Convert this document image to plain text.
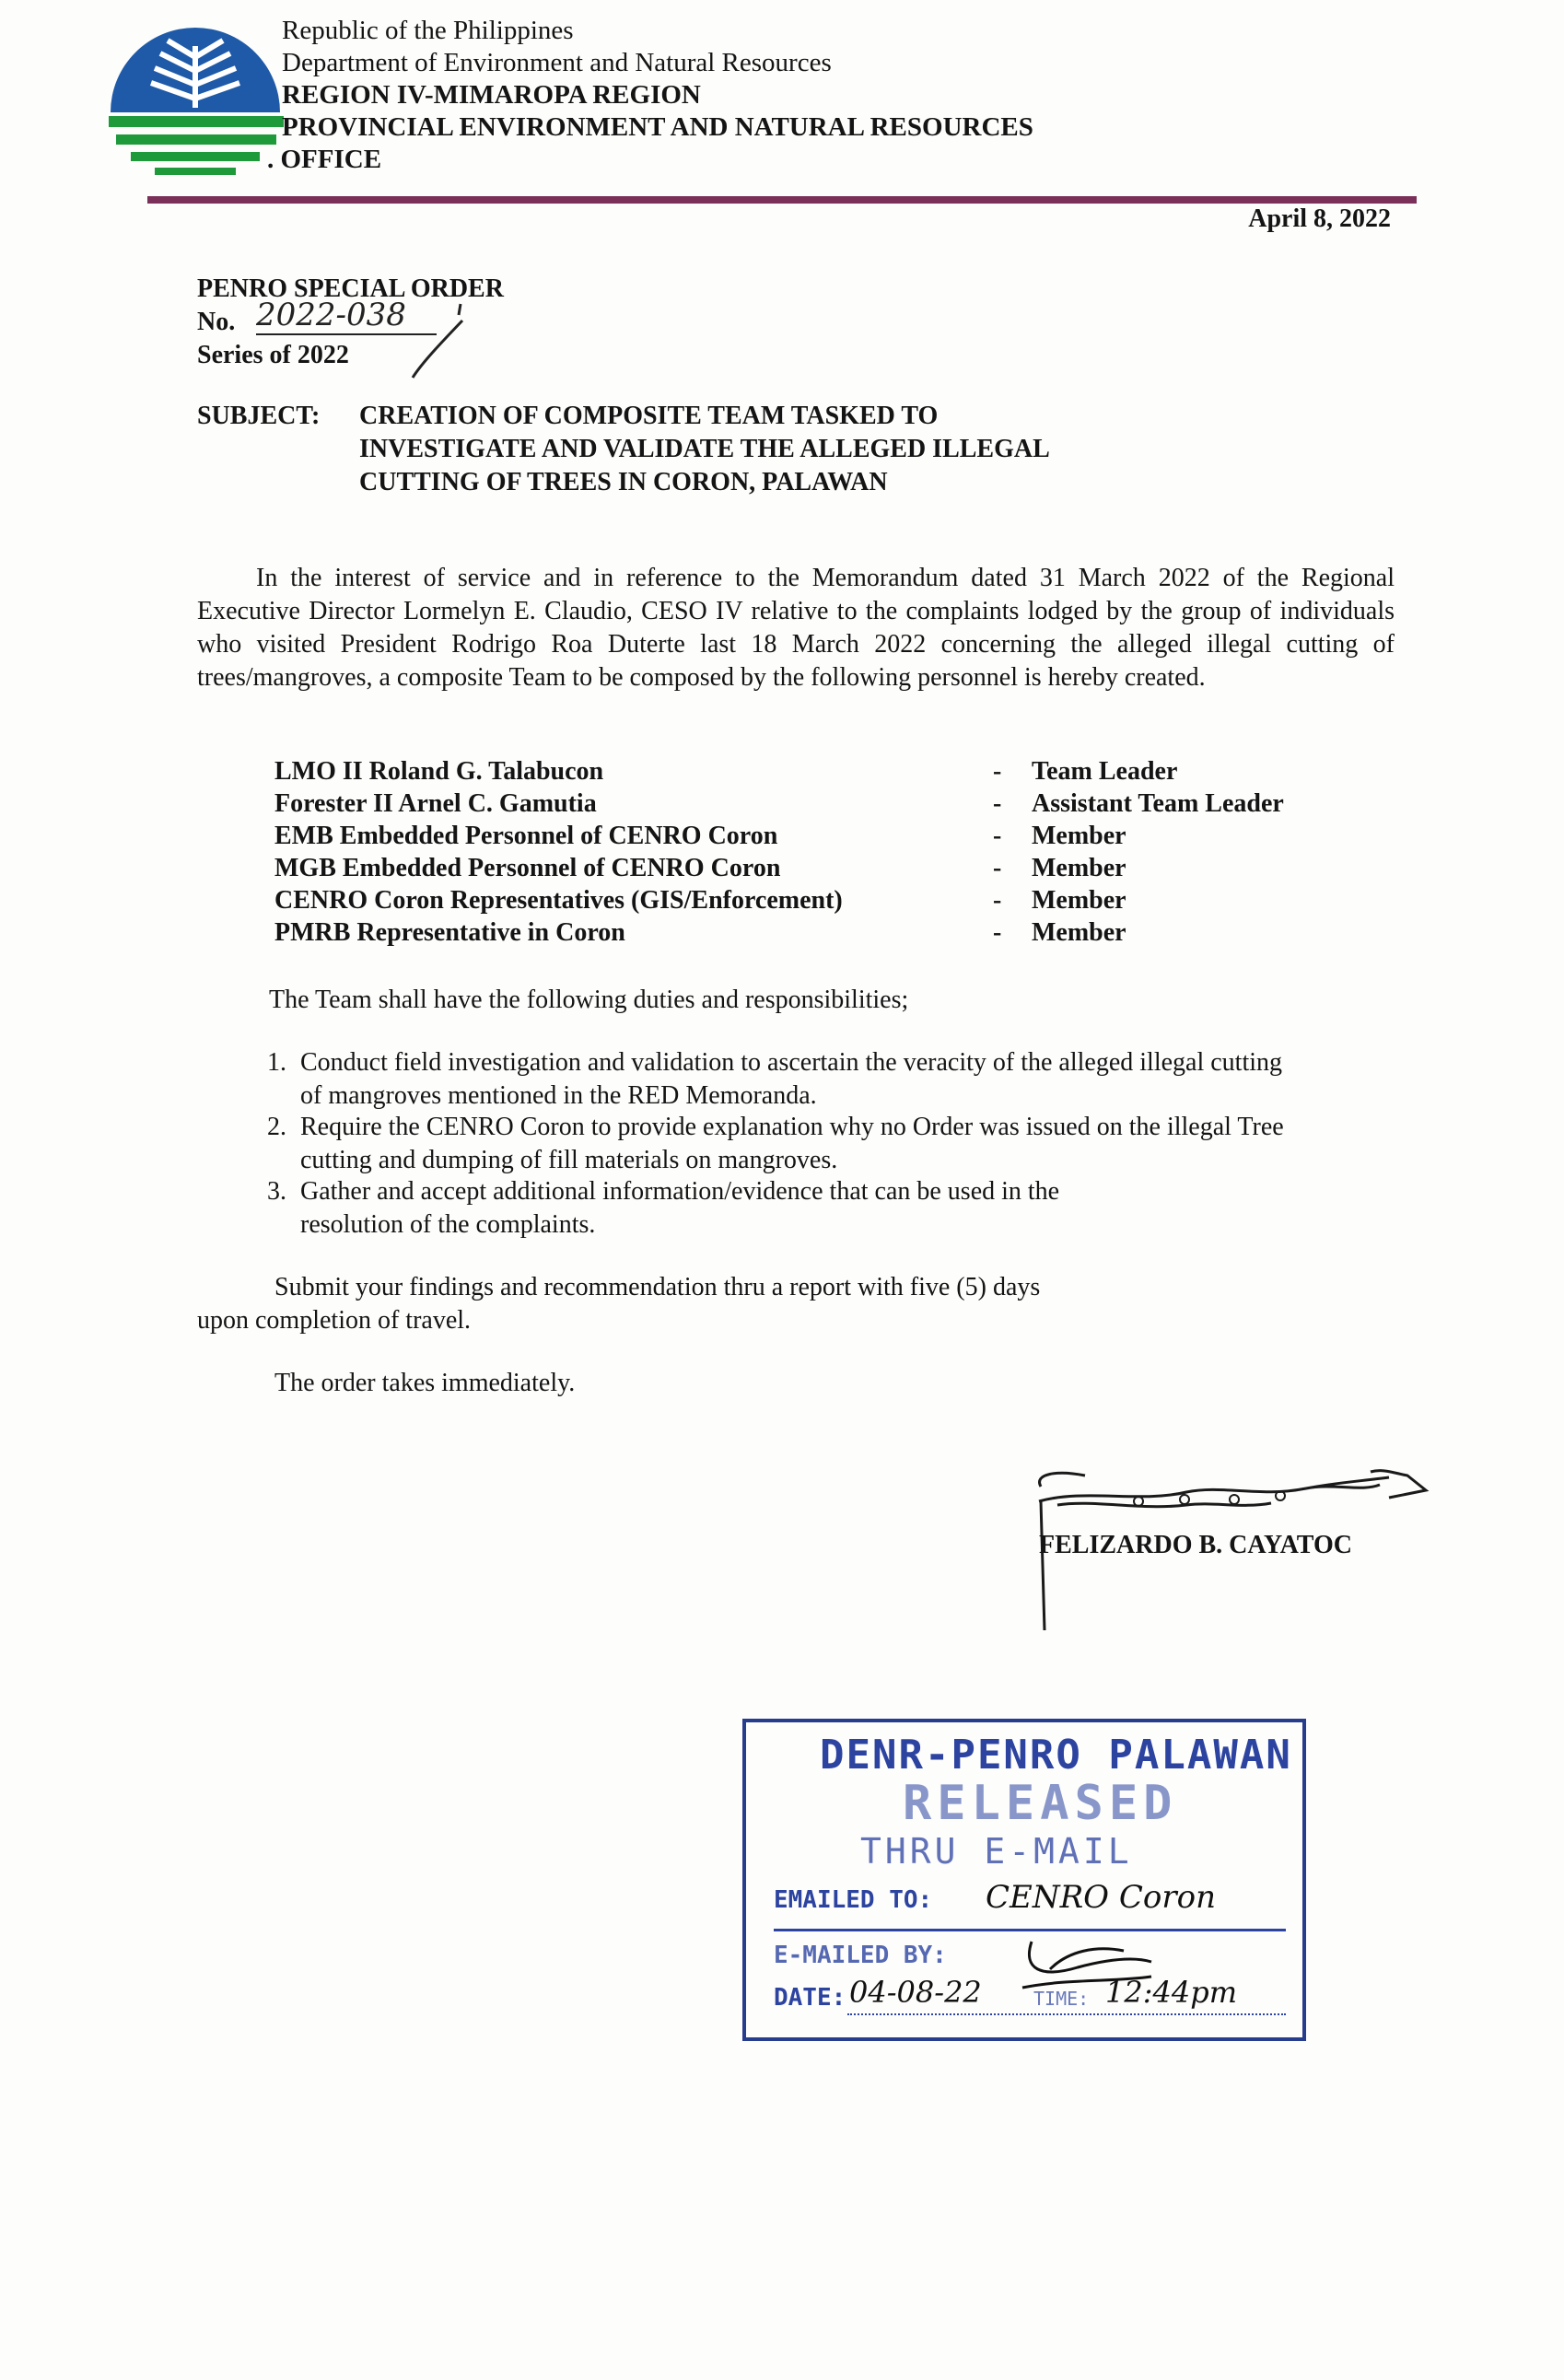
Republic of the Philippines
Department of Environment and Natural Resources
REGION IV-MIMAROPA REGION
PROVINCIAL ENVIRONMENT AND NATURAL RESOURCES
. OFFICE
April 8, 2022
PENRO SPECIAL ORDER
No. 2022-038
Series of 2022
SUBJECT: CREATION OF COMPOSITE TEAM TASKED TO
INVESTIGATE AND VALIDATE THE ALLEGED ILLEGAL
CUTTING OF TREES IN CORON, PALAWAN
In the interest of service and in reference to the Memorandum dated 31 March 2022 of the Regional Executive Director Lormelyn E. Claudio, CESO IV relative to the complaints lodged by the group of individuals who visited President Rodrigo Roa Duterte last 18 March 2022 concerning the alleged illegal cutting of trees/mangroves, a composite Team to be composed by the following personnel is hereby created.
LMO II Roland G. Talabucon	- Team Leader
Forester II Arnel C. Gamutia	- Assistant Team Leader
EMB Embedded Personnel of CENRO Coron	- Member
MGB Embedded Personnel of CENRO Coron	- Member
CENRO Coron Representatives (GIS/Enforcement)	- Member
PMRB Representative in Coron	- Member
The Team shall have the following duties and responsibilities;
1. Conduct field investigation and validation to ascertain the veracity of the alleged illegal cutting
of mangroves mentioned in the RED Memoranda.
2. Require the CENRO Coron to provide explanation why no Order was issued on the illegal Tree
cutting and dumping of fill materials on mangroves.
3. Gather and accept additional information/evidence that can be used in the
resolution of the complaints.
Submit your findings and recommendation thru a report with five (5) days
upon completion of travel.
The order takes immediately.
FELIZARDO B. CAYATOC
DENR-PENRO PALAWAN
RELEASED
THRU E-MAIL
EMAILED TO: CENRO Coron
E-MAILED BY:
DATE: 04-08-22	TIME: 12:44pm
